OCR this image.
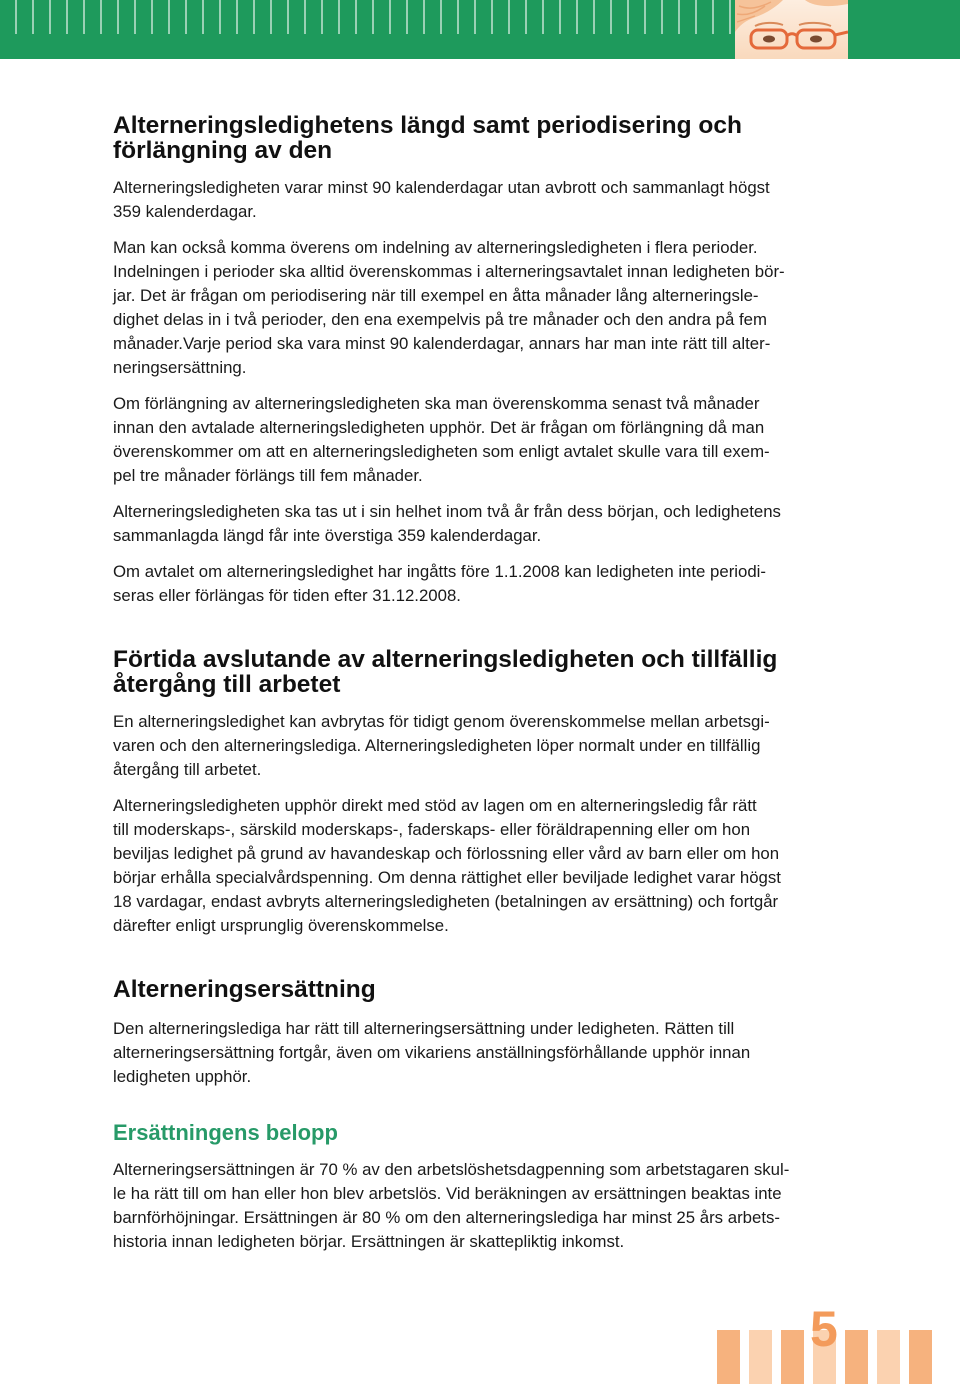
Alterneringsledighetens längd samt periodisering och
förlängning av den
Alterneringsledigheten varar minst 90 kalenderdagar utan avbrott och sammanlagt högst
359 kalenderdagar.
Man kan också komma överens om indelning av alterneringsledigheten i flera perioder.
Indelningen i perioder ska alltid överenskommas i alterneringsavtalet innan ledigheten bör-
jar. Det är frågan om periodisering när till exempel en åtta månader lång alterneringsle-
dighet delas in i två perioder, den ena exempelvis på tre månader och den andra på fem
månader.Varje period ska vara minst 90 kalenderdagar, annars har man inte rätt till alter-
neringsersättning.
Om förlängning av alterneringsledigheten ska man överenskomma senast två månader
innan den avtalade alterneringsledigheten upphör. Det är frågan om förlängning då man
överenskommer om att en alterneringsledigheten som enligt avtalet skulle vara till exem-
pel tre månader förlängs till fem månader.
Alterneringsledigheten ska tas ut i sin helhet inom två år från dess början, och ledighetens
sammanlagda längd får inte överstiga 359 kalenderdagar.
Om avtalet om alterneringsledighet har ingåtts före 1.1.2008 kan ledigheten inte periodi-
seras eller förlängas för tiden efter 31.12.2008.
Förtida avslutande av alterneringsledigheten och tillfällig
återgång till arbetet
En alterneringsledighet kan avbrytas för tidigt genom överenskommelse mellan arbetsgi-
varen och den alterneringslediga. Alterneringsledigheten löper normalt under en tillfällig
återgång till arbetet.
Alterneringsledigheten upphör direkt med stöd av lagen om en alterneringsledig får rätt
till moderskaps-, särskild moderskaps-, faderskaps- eller föräldrapenning eller om hon
beviljas ledighet på grund av havandeskap och förlossning eller vård av barn eller om hon
börjar erhålla specialvårdspenning. Om denna rättighet eller beviljade ledighet varar högst
18 vardagar, endast avbryts alterneringsledigheten (betalningen av ersättning) och fortgår
därefter enligt ursprunglig överenskommelse.
Alterneringsersättning
Den alterneringslediga har rätt till alterneringsersättning under ledigheten. Rätten till
alterneringsersättning fortgår, även om vikariens anställningsförhållande upphör innan
ledigheten upphör.
Ersättningens belopp
Alterneringsersättningen är 70 % av den arbetslöshetsdagpenning som arbetstagaren skul-
le ha rätt till om han eller hon blev arbetslös. Vid beräkningen av ersättningen beaktas inte
barnförhöjningar. Ersättningen är 80 % om den alterneringslediga har minst 25 års arbets-
historia innan ledigheten börjar. Ersättningen är skattepliktig inkomst.
5
